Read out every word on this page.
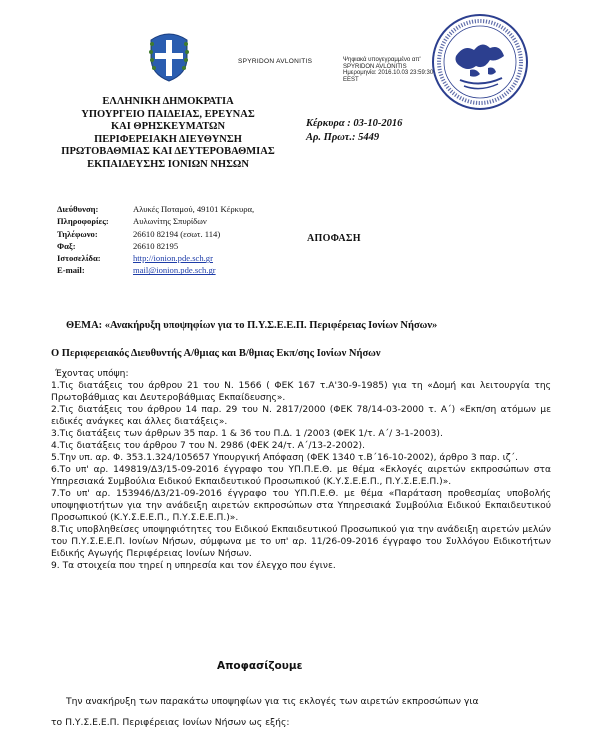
SPYRIDON AVLONITIS	Ψηφιακά υπογεγραμμένο απ'
SPYRIDON AVLONITIS
Ημερομηνία: 2016.10.03 23:59:30
EEST
ΕΛΛΗΝΙΚΗ ΔΗΜΟΚΡΑΤΙΑ
ΥΠΟΥΡΓΕΙΟ ΠΑΙΔΕΙΑΣ, ΕΡΕΥΝΑΣ
ΚΑΙ ΘΡΗΣΚΕΥΜΑΤΩΝ
ΠΕΡΙΦΕΡΕΙΑΚΗ ΔΙΕΥΘΥΝΣΗ
ΠΡΩΤΟΒΑΘΜΙΑΣ ΚΑΙ ΔΕΥΤΕΡΟΒΑΘΜΙΑΣ
ΕΚΠΑΙΔΕΥΣΗΣ ΙΟΝΙΩΝ ΝΗΣΩΝ
Κέρκυρα : 03-10-2016
Αρ. Πρωτ.: 5449
Διεύθυνση:	Αλυκές Ποταμού, 49101 Κέρκυρα,
Πληροφορίες:	Αυλωνίτης Σπυρίδων
Τηλέφωνο:	26610 82194 (εσωτ. 114)
Φαξ:	26610 82195
Ιστοσελίδα:	http://ionion.pde.sch.gr
E-mail:	mail@ionion.pde.sch.gr
ΑΠΟΦΑΣΗ
ΘΕΜΑ: «Ανακήρυξη υποψηφίων για το Π.Υ.Σ.Ε.Ε.Π. Περιφέρειας Ιονίων Νήσων»
Ο Περιφερειακός Διευθυντής Α/θμιας και Β/θμιας Εκπ/σης Ιονίων Νήσων

Έχοντας υπόψη:

1.Τις διατάξεις του άρθρου 21 του Ν. 1566 ( ΦΕΚ 167 τ.Α'30-9-1985) για τη «Δομή και λειτουργία της Πρωτοβάθμιας και Δευτεροβάθμιας Εκπαίδευσης».

2.Τις διατάξεις του άρθρου 14 παρ. 29 του Ν. 2817/2000 (ΦΕΚ 78/14-03-2000 τ. Α΄) «Εκπ/ση ατόμων με ειδικές ανάγκες και άλλες διατάξεις».

3.Τις διατάξεις των άρθρων 35 παρ. 1 & 36 του Π.Δ. 1 /2003 (ΦΕΚ 1/τ. Α΄/ 3-1-2003).

4.Τις διατάξεις του άρθρου 7 του Ν. 2986 (ΦΕΚ 24/τ. Α΄/13-2-2002).

5.Την υπ. αρ. Φ. 353.1.324/105657 Υπουργική Απόφαση (ΦΕΚ 1340 τ.Β΄16-10-2002), άρθρο 3 παρ. ιζ΄.

6.Το υπ' αρ. 149819/Δ3/15-09-2016 έγγραφο του ΥΠ.Π.Ε.Θ. με θέμα «Εκλογές αιρετών εκπροσώπων στα Υπηρεσιακά Συμβούλια Ειδικού Εκπαιδευτικού Προσωπικού (Κ.Υ.Σ.Ε.Ε.Π., Π.Υ.Σ.Ε.Ε.Π.)».

7.Το υπ' αρ. 153946/Δ3/21-09-2016 έγγραφο του ΥΠ.Π.Ε.Θ. με θέμα «Παράταση προθεσμίας υποβολής υποψηφιοτήτων για την ανάδειξη αιρετών εκπροσώπων στα Υπηρεσιακά Συμβούλια Ειδικού Εκπαιδευτικού Προσωπικού (Κ.Υ.Σ.Ε.Ε.Π., Π.Υ.Σ.Ε.Ε.Π.)».

8.Τις υποβληθείσες υποψηφιότητες του Ειδικού Εκπαιδευτικού Προσωπικού για την ανάδειξη αιρετών μελών του Π.Υ.Σ.Ε.Ε.Π. Ιονίων Νήσων, σύμφωνα με το υπ' αρ. 11/26-09-2016 έγγραφο του Συλλόγου Ειδικοτήτων Ειδικής Αγωγής Περιφέρειας Ιονίων Νήσων.

9. Τα στοιχεία που τηρεί η υπηρεσία και τον έλεγχο που έγινε.

Αποφασίζουμε
Την ανακήρυξη των παρακάτω υποψηφίων για τις εκλογές των αιρετών εκπροσώπων για
το Π.Υ.Σ.Ε.Ε.Π. Περιφέρειας Ιονίων Νήσων ως εξής:
